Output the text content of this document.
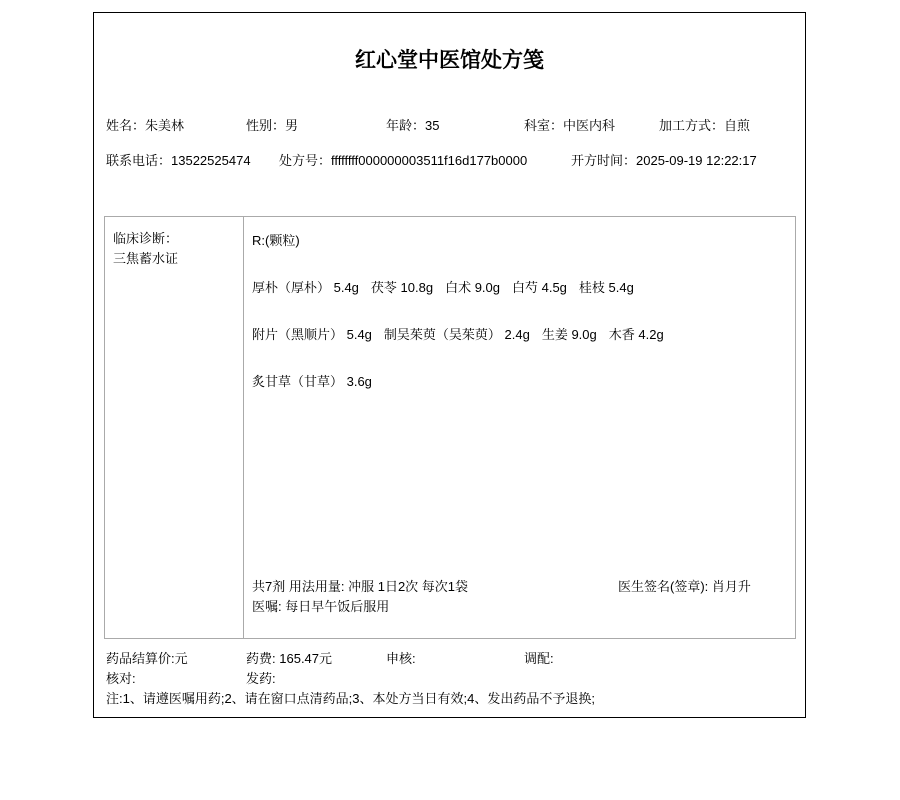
红心堂中医馆处方笺
姓名：朱美林	性别：男	年龄：35	科室：中医内科	加工方式：自煎
联系电话：13522525474 处方号：ffffffff000000003511f16d177b0000	开方时间：2025-09-19 12:22:17
临床诊断：三焦蓄水证
R:(颗粒)
厚朴（厚朴） 5.4g 茯苓 10.8g 白术 9.0g 白芍 4.5g 桂枝 5.4g
附片（黑顺片） 5.4g 制吴茱萸（吴茱萸） 2.4g 生姜 9.0g 木香 4.2g
炙甘草（甘草） 3.6g
共7剂 用法用量: 冲服 1日2次 每次1袋
医嘱: 每日早午饭后服用
医生签名(签章): 肖月升
药品结算价:元	药费: 165.47元	申核:	调配:
核对:	发药:
注:1、请遵医嘱用药;2、请在窗口点清药品;3、本处方当日有效;4、发出药品不予退换;
